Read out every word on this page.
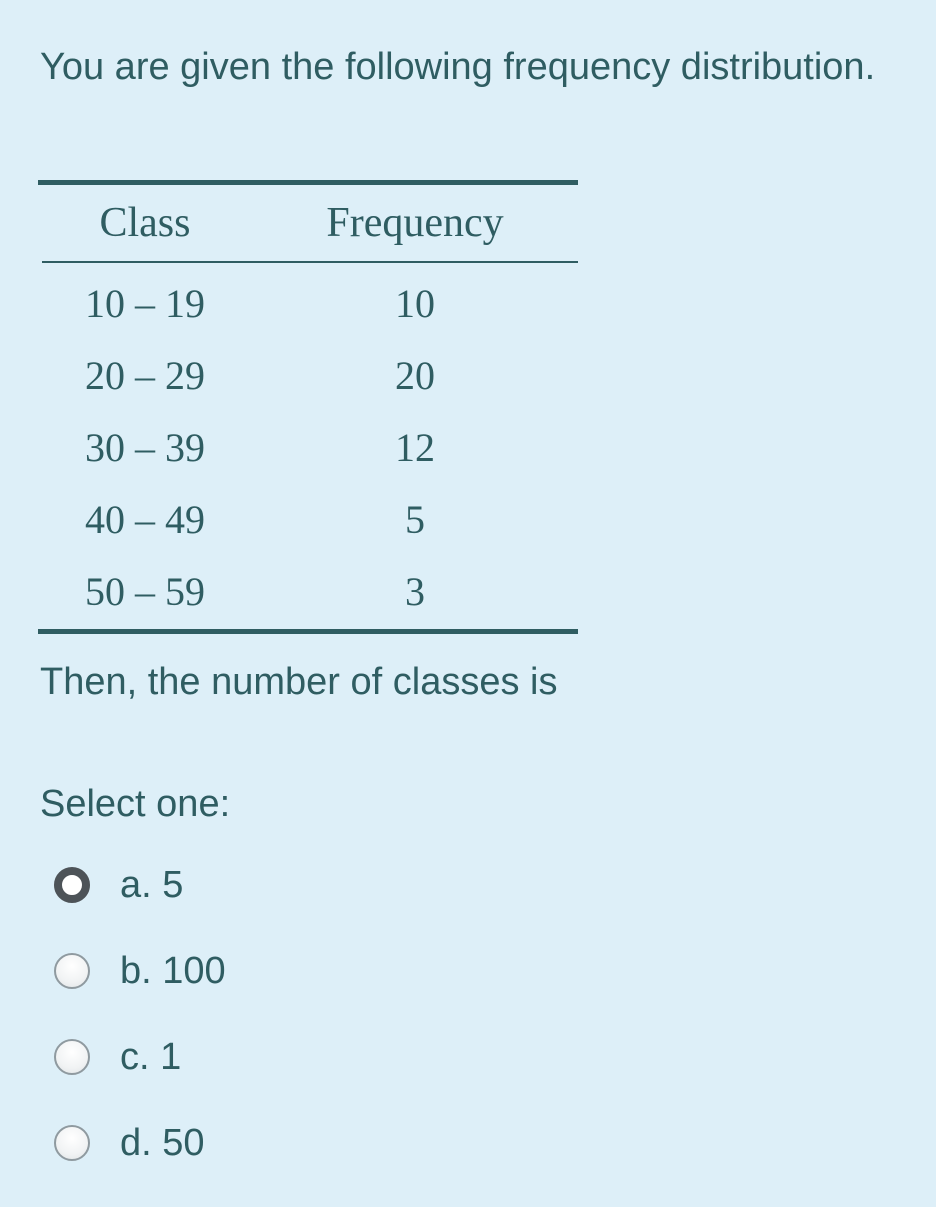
You are given the following frequency distribution.
Class	Frequency
10 – 19	10
20 – 29	20
30 – 39	12
40 – 49	5
50 – 59	3
Then, the number of classes is
Select one:
a. 5
b. 100
c. 1
d. 50
